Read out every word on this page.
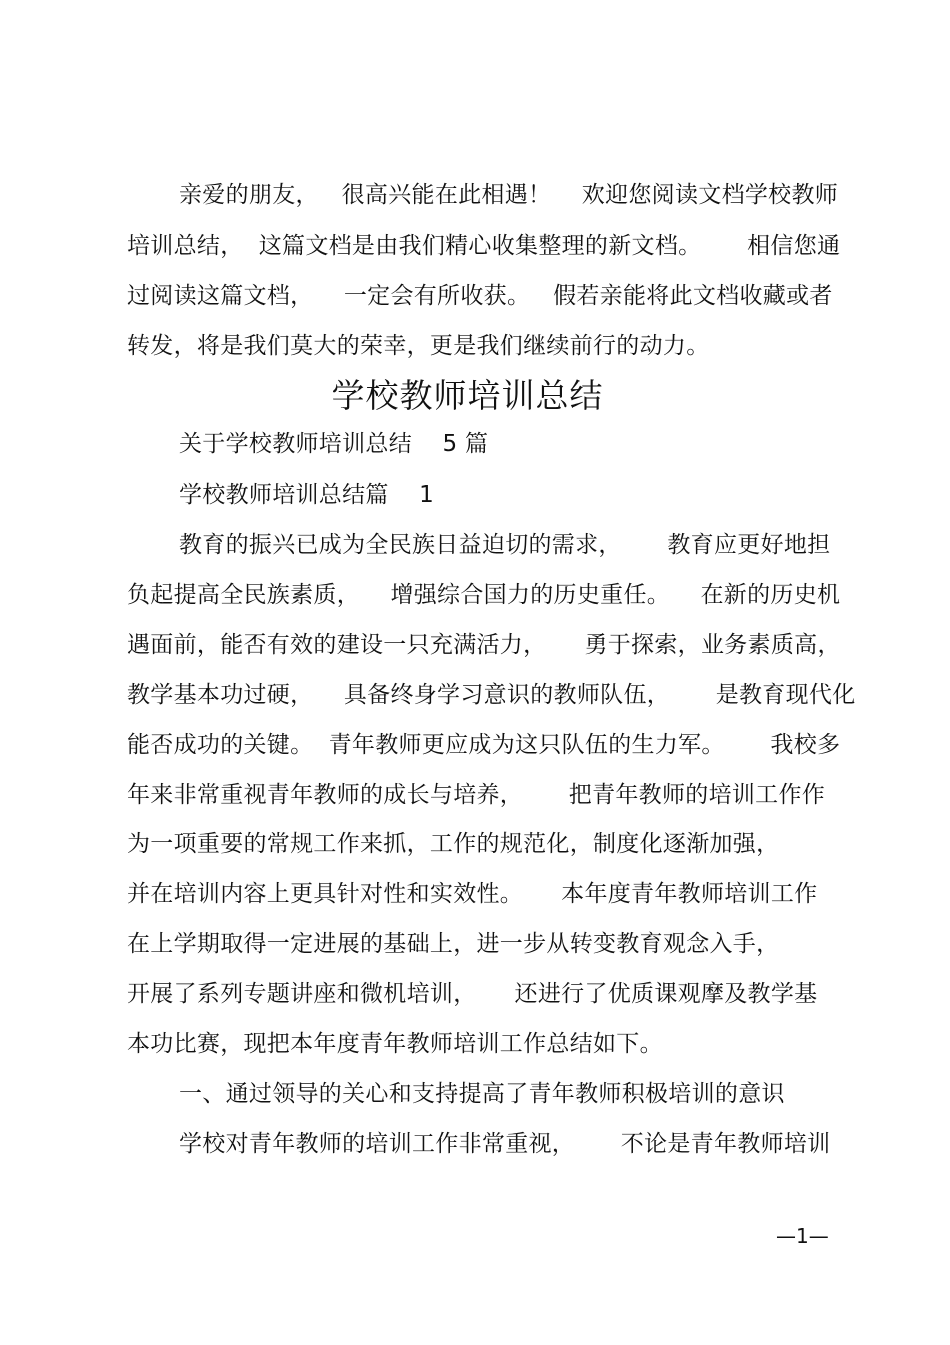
亲爱的朋友，   很高兴能在此相遇！    欢迎您阅读文档学校教师
培训总结，  这篇文档是由我们精心收集整理的新文档。      相信您通
过阅读这篇文档，    一定会有所收获。   假若亲能将此文档收藏或者
转发，将是我们莫大的荣幸，更是我们继续前行的动力。
学校教师培训总结
关于学校教师培训总结    5 篇
学校教师培训总结篇    1
教育的振兴已成为全民族日益迫切的需求，      教育应更好地担
负起提高全民族素质，    增强综合国力的历史重任。    在新的历史机
遇面前，能否有效的建设一只充满活力，     勇于探索，业务素质高，
教学基本功过硬，    具备终身学习意识的教师队伍，      是教育现代化
能否成功的关键。  青年教师更应成为这只队伍的生力军。      我校多
年来非常重视青年教师的成长与培养，      把青年教师的培训工作作
为一项重要的常规工作来抓，工作的规范化，制度化逐渐加强，
并在培训内容上更具针对性和实效性。     本年度青年教师培训工作
在上学期取得一定进展的基础上，进一步从转变教育观念入手，
开展了系列专题讲座和微机培训，     还进行了优质课观摩及教学基
本功比赛，现把本年度青年教师培训工作总结如下。
一、通过领导的关心和支持提高了青年教师积极培训的意识
学校对青年教师的培训工作非常重视，      不论是青年教师培训
—1—
